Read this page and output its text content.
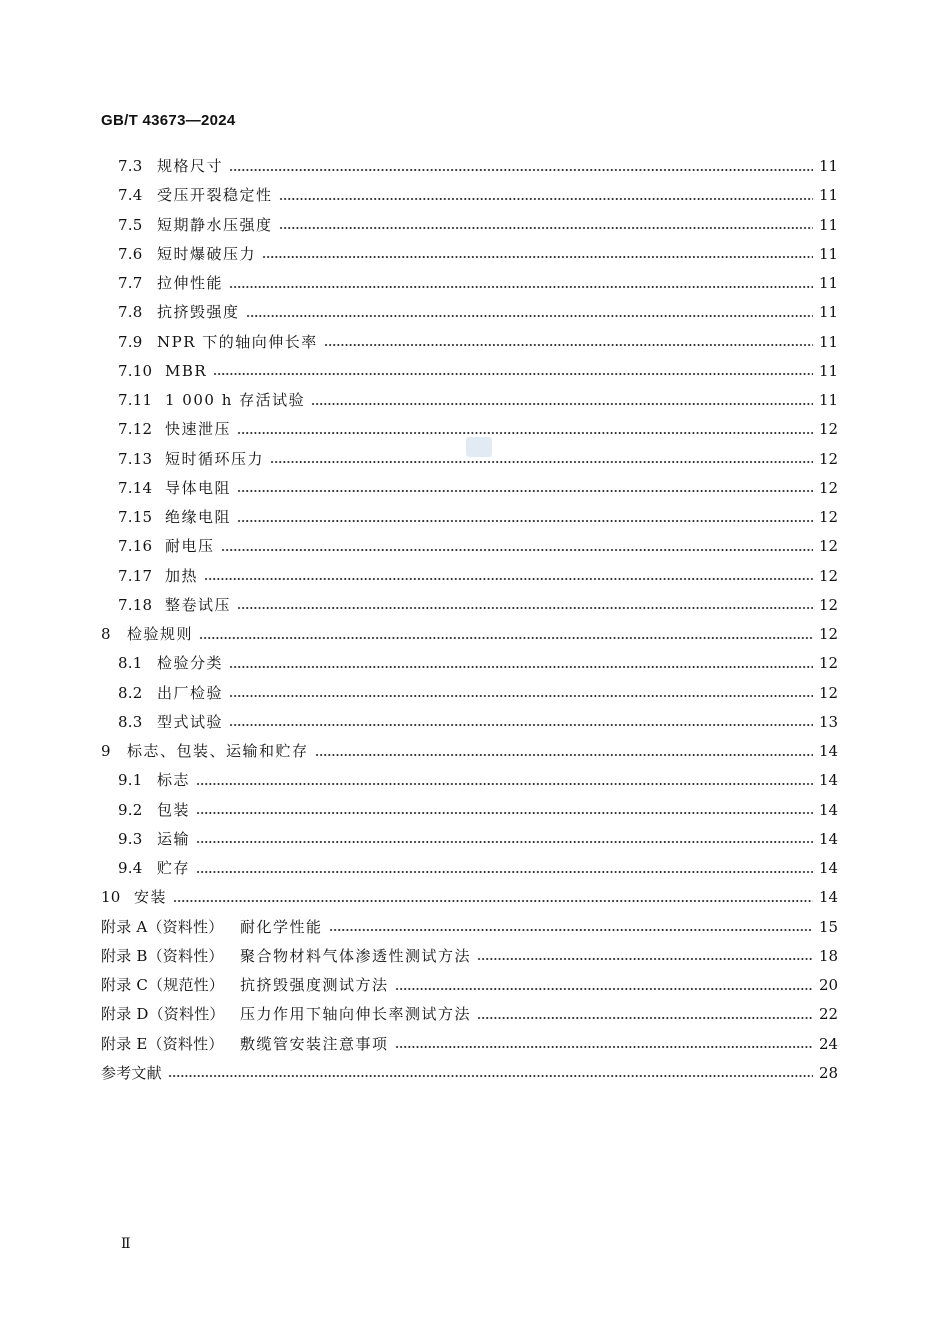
GB/T 43673—2024
7.3 规格尺寸	11
7.4 受压开裂稳定性	11
7.5 短期静水压强度	11
7.6 短时爆破压力	11
7.7 拉伸性能	11
7.8 抗挤毁强度	11
7.9 NPR 下的轴向伸长率	11
7.10 MBR	11
7.11 1 000 h 存活试验	11
7.12 快速泄压	12
7.13 短时循环压力	12
7.14 导体电阻	12
7.15 绝缘电阻	12
7.16 耐电压	12
7.17 加热	12
7.18 整卷试压	12
8 检验规则	12
8.1 检验分类	12
8.2 出厂检验	12
8.3 型式试验	13
9 标志、包装、运输和贮存	14
9.1 标志	14
9.2 包装	14
9.3 运输	14
9.4 贮存	14
10 安装	14
附录 A（资料性） 耐化学性能	15
附录 B（资料性） 聚合物材料气体渗透性测试方法	18
附录 C（规范性） 抗挤毁强度测试方法	20
附录 D（资料性） 压力作用下轴向伸长率测试方法	22
附录 E（资料性） 敷缆管安装注意事项	24
参考文献	28
Ⅱ
